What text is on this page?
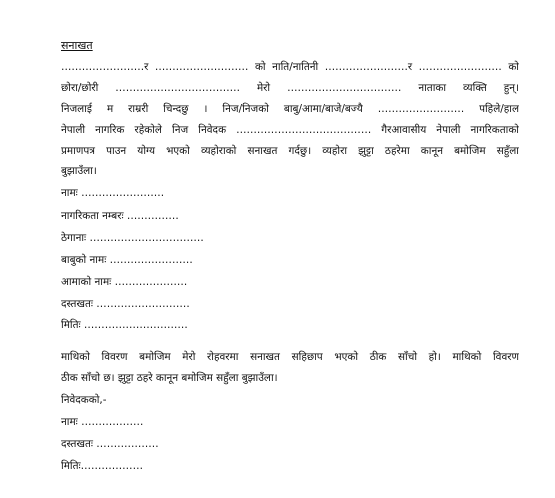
सनाखत
……………………र ……………………… को नाति/नातिनी ……………………र …………………… को
छोरा/छोरी ……………………………… मेरो …………………………… नाताका व्यक्ति हुन्।
निजलाई म राम्ररी चिन्दछु । निज/निजको बाबु/आमा/बाजे/बज्यै ……………………. पहिले/हाल
नेपाली नागरिक रहेकोले निज निवेदक ………………………………… गैरआवासीय नेपाली नागरिकताको
प्रमाणपत्र पाउन योग्य भएको व्यहोराको सनाखत गर्दछु। व्यहोरा झुट्टा ठहरेमा कानून बमोजिम सहुँला
बुझाउँला।
नामः ……………………
नागरिकता नम्बरः ……………
ठेगानाः ……………………………
बाबुको नामः ……………………
आमाको नामः …………………
दस्तखतः ………………………
मितिः …………………………
माथिको विवरण बमोजिम मेरो रोहवरमा सनाखत सहिछाप भएको ठीक साँचो हो। माथिको विवरण
ठीक साँचो छ। झुट्टा ठहरे कानून बमोजिम सहुँला बुझाउँला।
निवेदकको,-
नामः ………………
दस्तखतः ………………
मितिः………………
